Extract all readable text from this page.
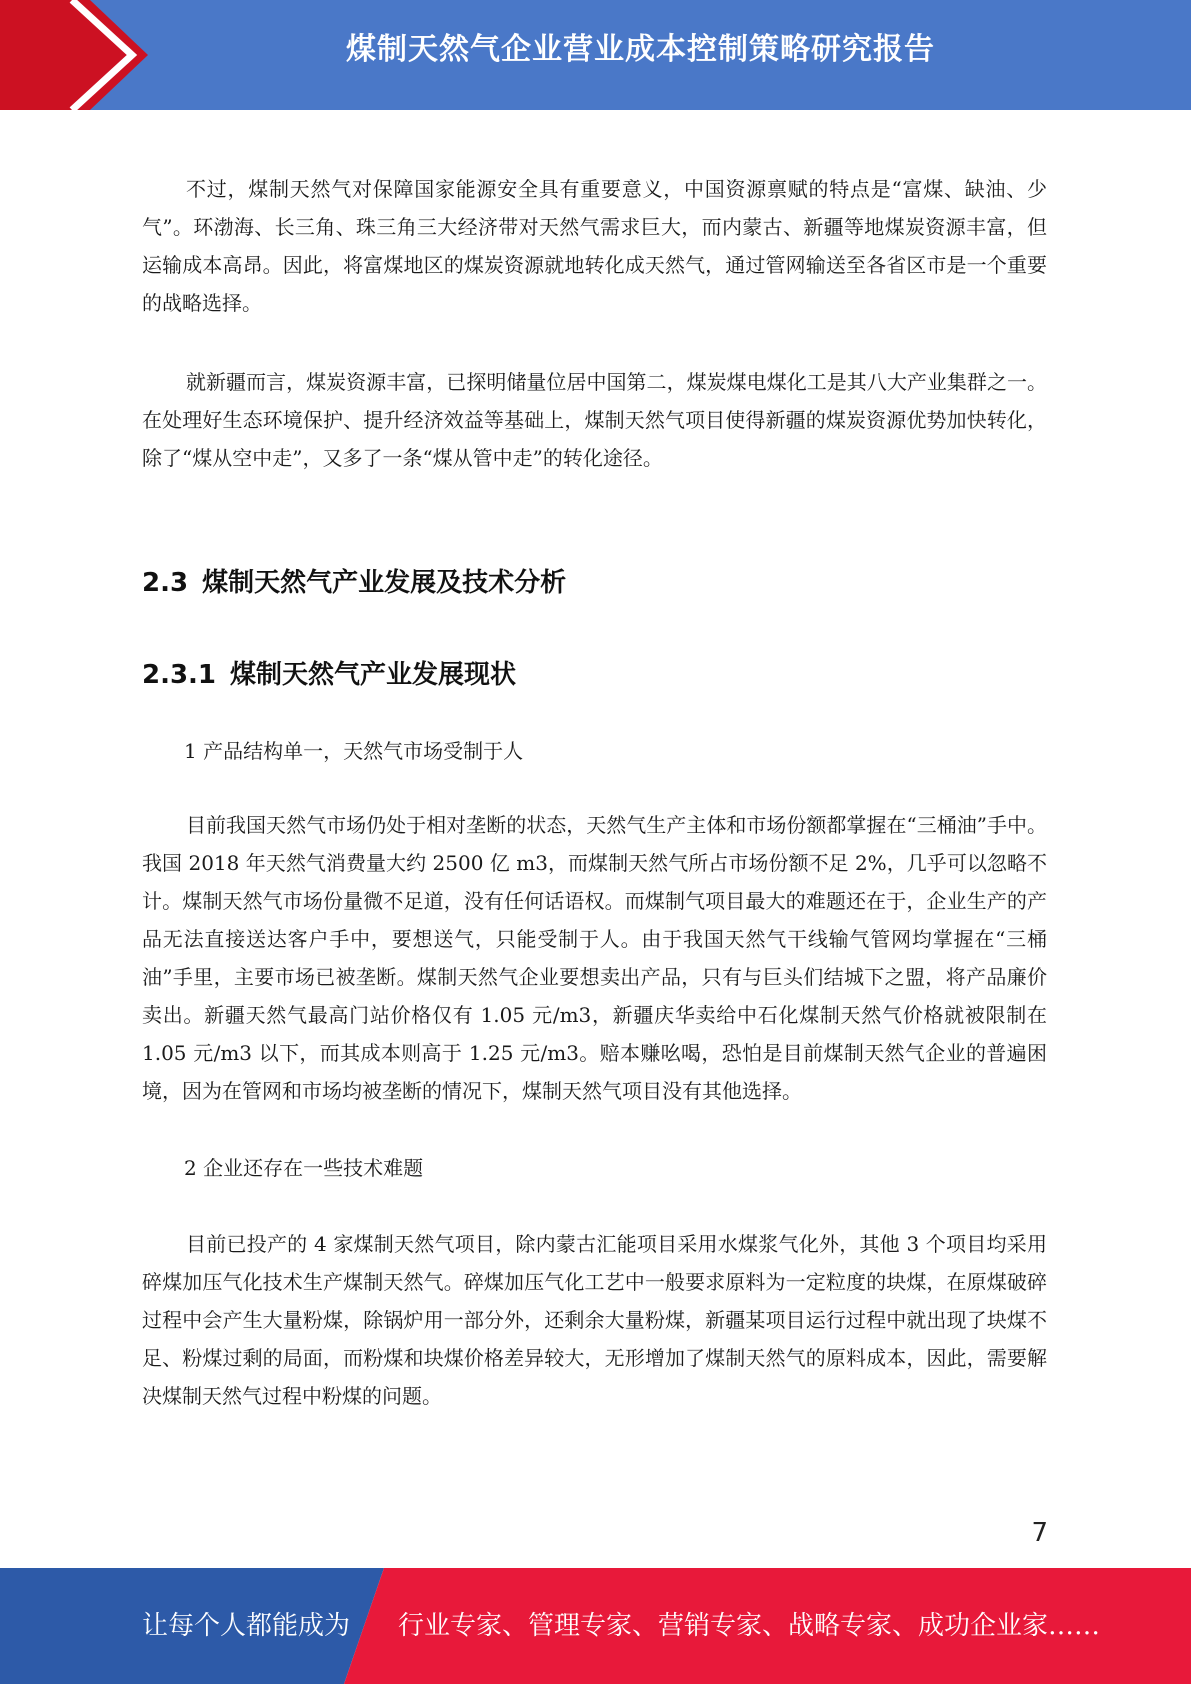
煤制天然气企业营业成本控制策略研究报告

不过，煤制天然气对保障国家能源安全具有重要意义，中国资源禀赋的特点是“富煤、缺油、少气”。环渤海、长三角、珠三角三大经济带对天然气需求巨大，而内蒙古、新疆等地煤炭资源丰富，但运输成本高昂。因此，将富煤地区的煤炭资源就地转化成天然气，通过管网输送至各省区市是一个重要的战略选择。

就新疆而言，煤炭资源丰富，已探明储量位居中国第二，煤炭煤电煤化工是其八大产业集群之一。在处理好生态环境保护、提升经济效益等基础上，煤制天然气项目使得新疆的煤炭资源优势加快转化，除了“煤从空中走”，又多了一条“煤从管中走”的转化途径。

2.3 煤制天然气产业发展及技术分析
2.3.1 煤制天然气产业发展现状

1 产品结构单一，天然气市场受制于人

目前我国天然气市场仍处于相对垄断的状态，天然气生产主体和市场份额都掌握在“三桶油”手中。我国 2018 年天然气消费量大约 2500 亿 m3，而煤制天然气所占市场份额不足 2%，几乎可以忽略不计。煤制天然气市场份量微不足道，没有任何话语权。而煤制气项目最大的难题还在于，企业生产的产品无法直接送达客户手中，要想送气，只能受制于人。由于我国天然气干线输气管网均掌握在“三桶油”手里，主要市场已被垄断。煤制天然气企业要想卖出产品，只有与巨头们结城下之盟，将产品廉价卖出。新疆天然气最高门站价格仅有 1.05 元/m3，新疆庆华卖给中石化煤制天然气价格就被限制在 1.05 元/m3 以下，而其成本则高于 1.25 元/m3。赔本赚吆喝，恐怕是目前煤制天然气企业的普遍困境，因为在管网和市场均被垄断的情况下，煤制天然气项目没有其他选择。

2 企业还存在一些技术难题

目前已投产的 4 家煤制天然气项目，除内蒙古汇能项目采用水煤浆气化外，其他 3 个项目均采用碎煤加压气化技术生产煤制天然气。碎煤加压气化工艺中一般要求原料为一定粒度的块煤，在原煤破碎过程中会产生大量粉煤，除锅炉用一部分外，还剩余大量粉煤，新疆某项目运行过程中就出现了块煤不足、粉煤过剩的局面，而粉煤和块煤价格差异较大，无形增加了煤制天然气的原料成本，因此，需要解决煤制天然气过程中粉煤的问题。

7
让每个人都能成为 行业专家、管理专家、营销专家、战略专家、成功企业家……
